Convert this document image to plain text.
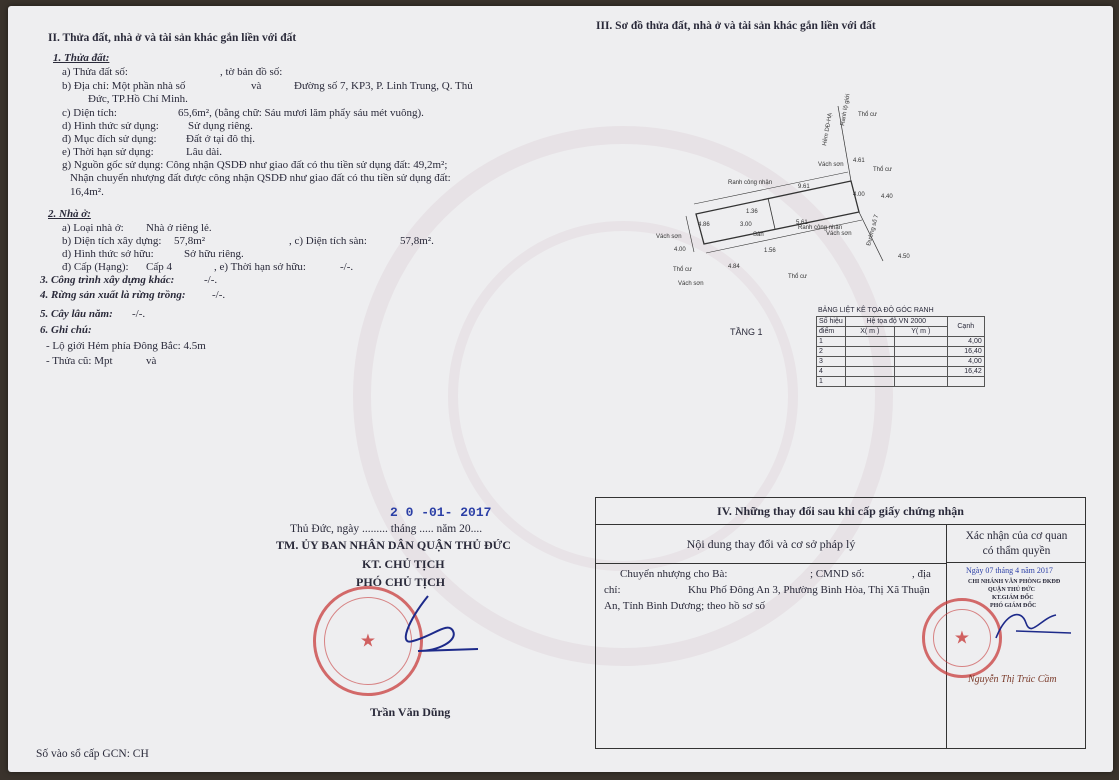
II. Thửa đất, nhà ở và tài sản khác gắn liền với đất
1. Thửa đất:
a) Thửa đất số:	, tờ bản đồ số:
b) Địa chỉ: Một phần nhà số	và	Đường số 7, KP3, P. Linh Trung, Q. Thủ
Đức, TP.Hồ Chí Minh.
c) Diện tích:	65,6m², (bằng chữ: Sáu mươi lăm phẩy sáu mét vuông).
d) Hình thức sử dụng:	Sử dụng riêng.
đ) Mục đích sử dụng:	Đất ở tại đô thị.
e) Thời hạn sử dụng:	Lâu dài.
g) Nguồn gốc sử dụng: Công nhận QSDĐ như giao đất có thu tiền sử dụng đất: 49,2m²;
Nhận chuyển nhượng đất được công nhận QSDĐ như giao đất có thu tiền sử dụng đất:
16,4m².
2. Nhà ở:
a) Loại nhà ở: Nhà ở riêng lẻ.
b) Diện tích xây dựng: 57,8m²	, c) Diện tích sàn:	57,8m².
d) Hình thức sở hữu:	Sở hữu riêng.
đ) Cấp (Hạng): Cấp 4	, e) Thời hạn sở hữu:	-/-.
3. Công trình xây dựng khác:	-/-.
4. Rừng sản xuất là rừng trồng: -/-.
5. Cây lâu năm: -/-.
6. Ghi chú:
- Lộ giới Hẻm phía Đông Bắc: 4.5m
- Thửa cũ: Mpt	và
III. Sơ đồ thửa đất, nhà ở và tài sản khác gắn liền với đất
Vách sơn
Thổ cư
Thổ cư
Ranh công nhận
Ranh công nhận
Vách sơn
Vách sơn
Thổ cư
Vách sơn
Thổ cư
Sân
9.61
5.61
4.86
1.36
4.84
1.56
4.61
4.40
4.50
4.00
4.00
3.00
Hẻm DĐ-HẠ
Đường số 7
Ranh lộ giới
BẢNG LIỆT KÊ TỌA ĐỘ GÓC RANH
TẦNG 1
Số hiệu	Hệ tọa độ VN 2000		Cạnh
điểm	X( m )	Y( m )	
1			4,00
2			16,40
3			4,00
4			16,42
1			
2 0 -01- 2017
Thủ Đức, ngày ......... tháng ..... năm 20....
TM. ỦY BAN NHÂN DÂN QUẬN THỦ ĐỨC
KT. CHỦ TỊCH
PHÓ CHỦ TỊCH
★
Trần Văn Dũng
Số vào sổ cấp GCN: CH
IV. Những thay đổi sau khi cấp giấy chứng nhận
Nội dung thay đổi và cơ sở pháp lý
Xác nhận của cơ quan
có thẩm quyền
Chuyển nhượng cho Bà:	; CMND số:	, địa
chỉ:	Khu Phố Đông An 3, Phường Bình Hòa, Thị Xã Thuận
An, Tỉnh Bình Dương; theo hồ sơ số
Ngày 07 tháng 4 năm 2017
CHI NHÁNH VĂN PHÒNG ĐKĐĐ
QUẬN THỦ ĐỨC
KT.GIÁM ĐỐC
PHÓ GIÁM ĐỐC
★
Nguyễn Thị Trúc Cầm
